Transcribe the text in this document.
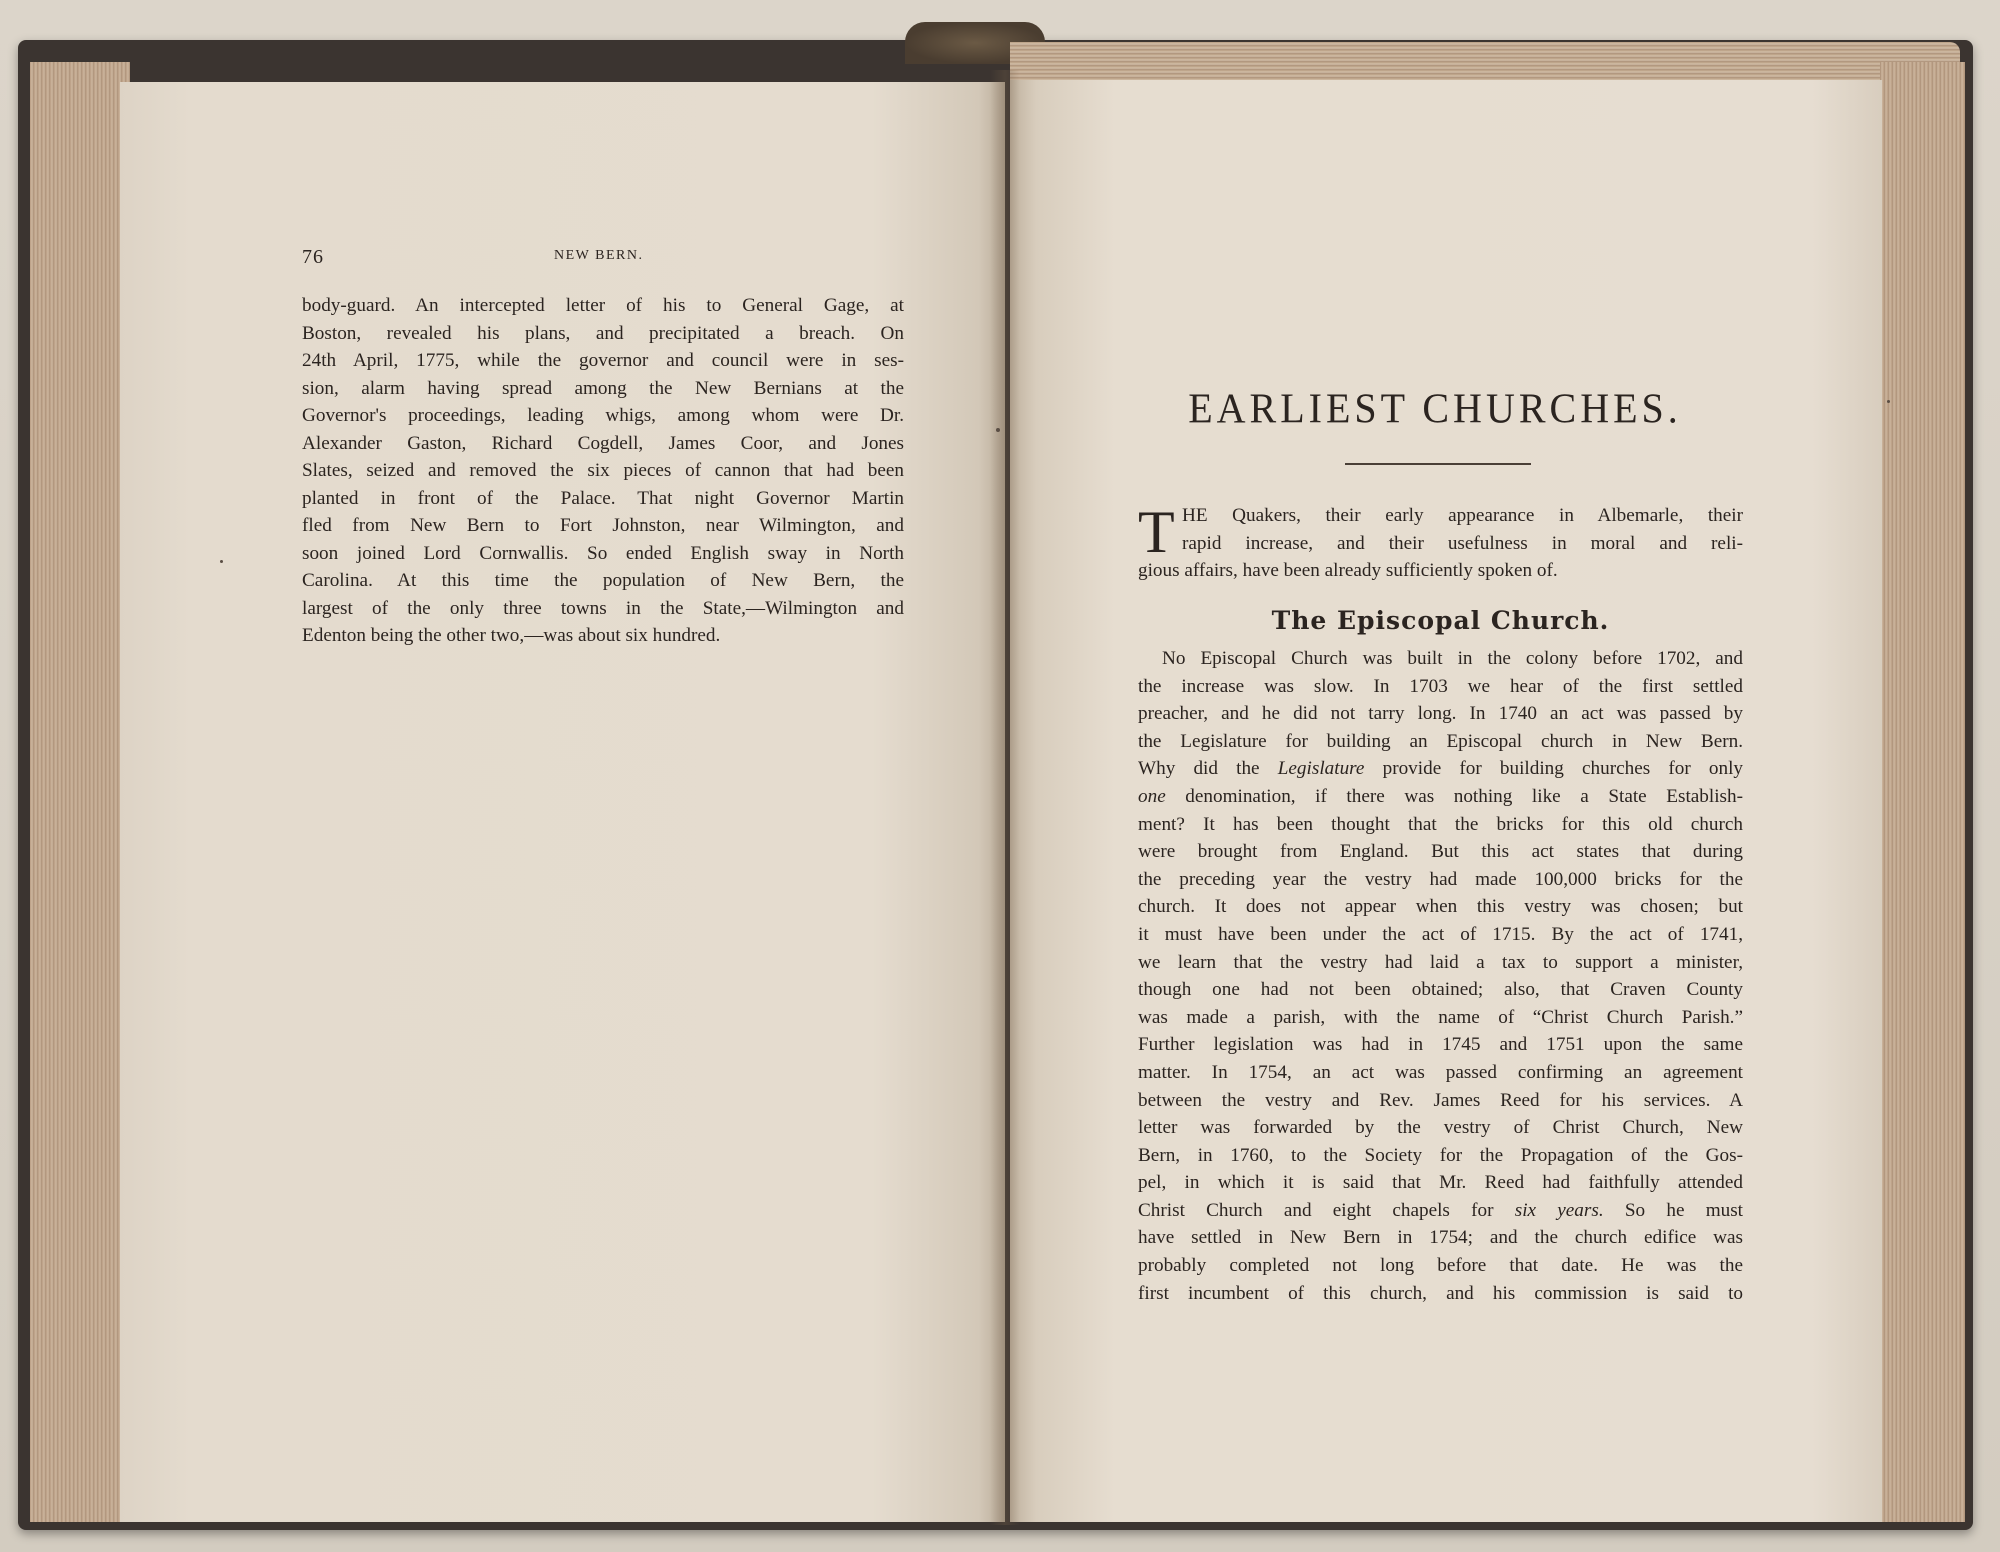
76	NEW BERN.
body-guard. An intercepted letter of his to General Gage, at
Boston, revealed his plans, and precipitated a breach. On
24th April, 1775, while the governor and council were in ses-
sion, alarm having spread among the New Bernians at the
Governor's proceedings, leading whigs, among whom were Dr.
Alexander Gaston, Richard Cogdell, James Coor, and Jones
Slates, seized and removed the six pieces of cannon that had been
planted in front of the Palace. That night Governor Martin
fled from New Bern to Fort Johnston, near Wilmington, and
soon joined Lord Cornwallis. So ended English sway in North
Carolina. At this time the population of New Bern, the
largest of the only three towns in the State,—Wilmington and
Edenton being the other two,—was about six hundred.
EARLIEST CHURCHES.
T HE Quakers, their early appearance in Albemarle, their
rapid increase, and their usefulness in moral and reli-
gious affairs, have been already sufficiently spoken of.
The Episcopal Church.
No Episcopal Church was built in the colony before 1702, and
the increase was slow. In 1703 we hear of the first settled
preacher, and he did not tarry long. In 1740 an act was passed by
the Legislature for building an Episcopal church in New Bern.
Why did the Legislature provide for building churches for only
one denomination, if there was nothing like a State Establish-
ment? It has been thought that the bricks for this old church
were brought from England. But this act states that during
the preceding year the vestry had made 100,000 bricks for the
church. It does not appear when this vestry was chosen; but
it must have been under the act of 1715. By the act of 1741,
we learn that the vestry had laid a tax to support a minister,
though one had not been obtained; also, that Craven County
was made a parish, with the name of “Christ Church Parish.”
Further legislation was had in 1745 and 1751 upon the same
matter. In 1754, an act was passed confirming an agreement
between the vestry and Rev. James Reed for his services. A
letter was forwarded by the vestry of Christ Church, New
Bern, in 1760, to the Society for the Propagation of the Gos-
pel, in which it is said that Mr. Reed had faithfully attended
Christ Church and eight chapels for six years. So he must
have settled in New Bern in 1754; and the church edifice was
probably completed not long before that date. He was the
first incumbent of this church, and his commission is said to
